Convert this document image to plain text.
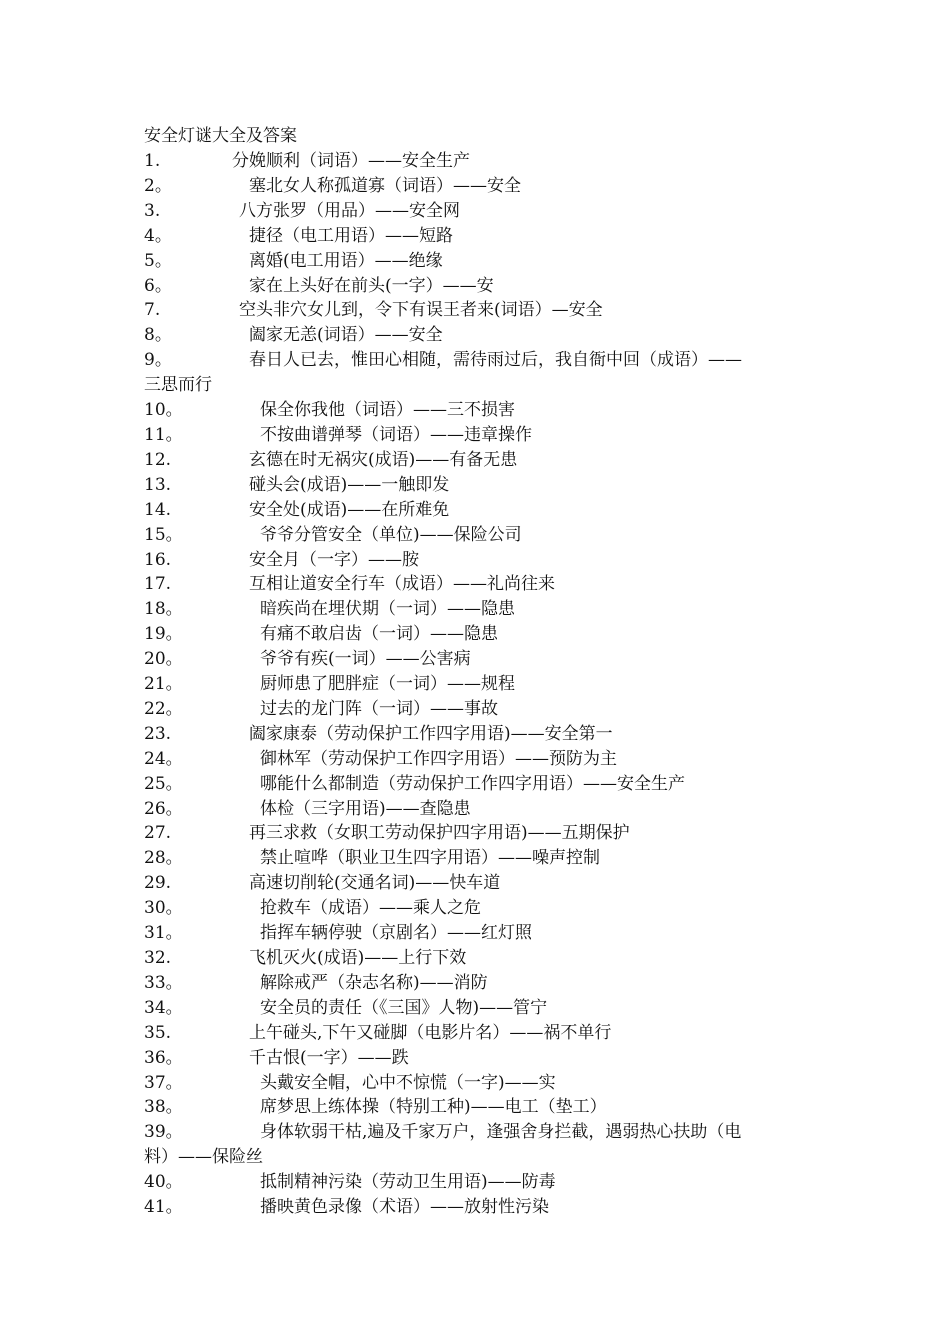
安全灯谜大全及答案
1.	分娩顺利（词语）——安全生产
2。	塞北女人称孤道寡（词语）——安全
3.	八方张罗（用品）——安全网
4。	捷径（电工用语）——短路
5。	离婚(电工用语）——绝缘
6。	家在上头好在前头(一字）——安
7.	空头非穴女儿到，令下有误王者来(词语）—安全
8。	阖家无恙(词语）——安全
9。	春日人已去，惟田心相随，需待雨过后，我自衙中回（成语）——
三思而行
10。	保全你我他（词语）——三不损害
11。	不按曲谱弹琴（词语）——违章操作
12.	玄德在时无祸灾(成语)——有备无患
13.	碰头会(成语)——一触即发
14.	安全处(成语)——在所难免
15。	爷爷分管安全（单位)——保险公司
16.	安全月（一字）——胺
17.	互相让道安全行车（成语）——礼尚往来
18。	暗疾尚在埋伏期（一词）——隐患
19。	有痛不敢启齿（一词）——隐患
20。	爷爷有疾(一词）——公害病
21。	厨师患了肥胖症（一词）——规程
22。	过去的龙门阵（一词）——事故
23.	阖家康泰（劳动保护工作四字用语)——安全第一
24。	御林军（劳动保护工作四字用语）——预防为主
25。	哪能什么都制造（劳动保护工作四字用语）——安全生产
26。	体检（三字用语)——查隐患
27.	再三求救（女职工劳动保护四字用语)——五期保护
28。	禁止喧哗（职业卫生四字用语）——噪声控制
29.	高速切削轮(交通名词)——快车道
30。	抢救车（成语）——乘人之危
31。	指挥车辆停驶（京剧名）——红灯照
32.	飞机灭火(成语)——上行下效
33。	解除戒严（杂志名称)——消防
34。	安全员的责任（《三国》人物)——管宁
35.	上午碰头,下午又碰脚（电影片名）——祸不单行
36。	千古恨(一字）——跌
37。	头戴安全帽，心中不惊慌（一字)——实
38。	席梦思上练体操（特别工种)——电工（垫工）
39。	身体软弱干枯,遍及千家万户，逢强舍身拦截，遇弱热心扶助（电
料）——保险丝
40。	抵制精神污染（劳动卫生用语)——防毒
41。	播映黄色录像（术语）——放射性污染
